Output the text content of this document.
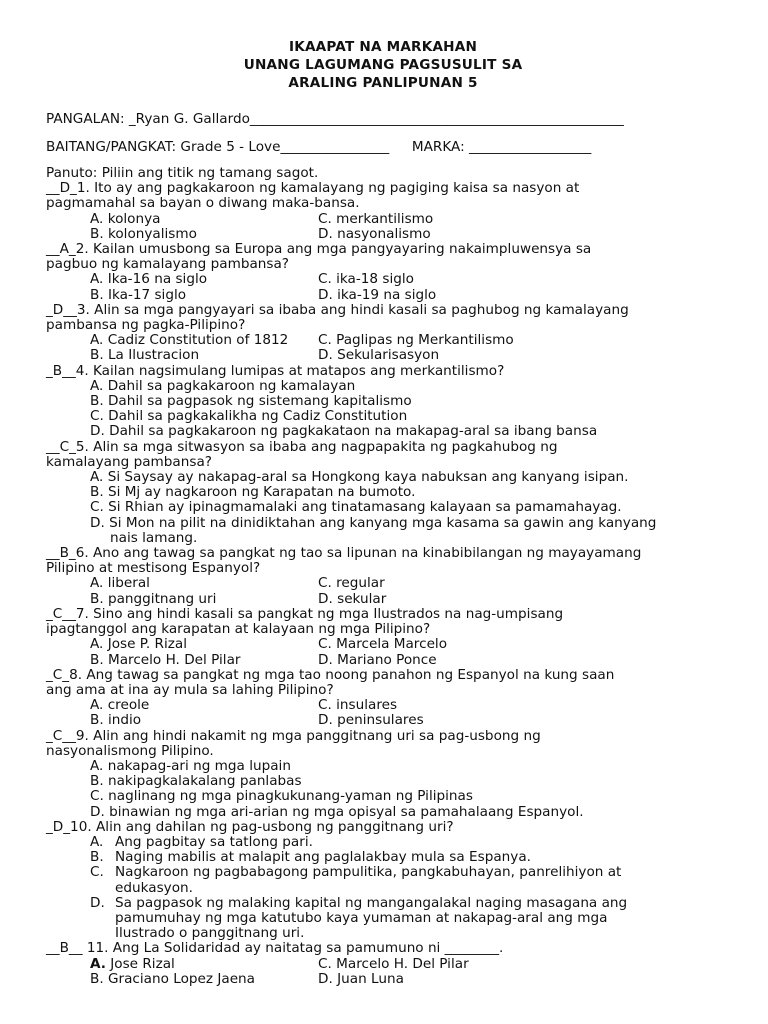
IKAAPAT NA MARKAHAN
UNANG LAGUMANG PAGSUSULIT SA
ARALING PANLIPUNAN 5
PANGALAN: _Ryan G. Gallardo_______________________________________________________
BAITANG/PANGKAT: Grade 5 - Love________________ MARKA: __________________
Panuto: Piliin ang titik ng tamang sagot.
__D_1. Ito ay ang pagkakaroon ng kamalayang ng pagiging kaisa sa nasyon at
pagmamahal sa bayan o diwang maka-bansa.
A. kolonya	C. merkantilismo
B. kolonyalismo	D. nasyonalismo
__A_2. Kailan umusbong sa Europa ang mga pangyayaring nakaimpluwensya sa
pagbuo ng kamalayang pambansa?
A. Ika-16 na siglo	C. ika-18 siglo
B. Ika-17 siglo	D. ika-19 na siglo
_D__3. Alin sa mga pangyayari sa ibaba ang hindi kasali sa paghubog ng kamalayang
pambansa ng pagka-Pilipino?
A. Cadiz Constitution of 1812	C. Paglipas ng Merkantilismo
B. La Ilustracion	D. Sekularisasyon
_B__4. Kailan nagsimulang lumipas at matapos ang merkantilismo?
A. Dahil sa pagkakaroon ng kamalayan
B. Dahil sa pagpasok ng sistemang kapitalismo
C. Dahil sa pagkakalikha ng Cadiz Constitution
D. Dahil sa pagkakaroon ng pagkakataon na makapag-aral sa ibang bansa
__C_5. Alin sa mga sitwasyon sa ibaba ang nagpapakita ng pagkahubog ng
kamalayang pambansa?
A. Si Saysay ay nakapag-aral sa Hongkong kaya nabuksan ang kanyang isipan.
B. Si Mj ay nagkaroon ng Karapatan na bumoto.
C. Si Rhian ay ipinagmamalaki ang tinatamasang kalayaan sa pamamahayag.
D. Si Mon na pilit na dinidiktahan ang kanyang mga kasama sa gawin ang kanyang
nais lamang.
__B_6. Ano ang tawag sa pangkat ng tao sa lipunan na kinabibilangan ng mayayamang
Pilipino at mestisong Espanyol?
A. liberal	C. regular
B. panggitnang uri	D. sekular
_C__7. Sino ang hindi kasali sa pangkat ng mga Ilustrados na nag-umpisang
ipagtanggol ang karapatan at kalayaan ng mga Pilipino?
A. Jose P. Rizal	C. Marcela Marcelo
B. Marcelo H. Del Pilar	D. Mariano Ponce
_C_8. Ang tawag sa pangkat ng mga tao noong panahon ng Espanyol na kung saan
ang ama at ina ay mula sa lahing Pilipino?
A. creole	C. insulares
B. indio	D. peninsulares
_C__9. Alin ang hindi nakamit ng mga panggitnang uri sa pag-usbong ng
nasyonalismong Pilipino.
A. nakapag-ari ng mga lupain
B. nakipagkalakalang panlabas
C. naglinang ng mga pinagkukunang-yaman ng Pilipinas
D. binawian ng mga ari-arian ng mga opisyal sa pamahalaang Espanyol.
_D_10. Alin ang dahilan ng pag-usbong ng panggitnang uri?
A. Ang pagbitay sa tatlong pari.
B. Naging mabilis at malapit ang paglalakbay mula sa Espanya.
C. Nagkaroon ng pagbabagong pampulitika, pangkabuhayan, panrelihiyon at
edukasyon.
D. Sa pagpasok ng malaking kapital ng mangangalakal naging masagana ang
pamumuhay ng mga katutubo kaya yumaman at nakapag-aral ang mga
Ilustrado o panggitnang uri.
__B__ 11. Ang La Solidaridad ay naitatag sa pamumuno ni ________.
A. Jose Rizal	C. Marcelo H. Del Pilar
B. Graciano Lopez Jaena	D. Juan Luna
